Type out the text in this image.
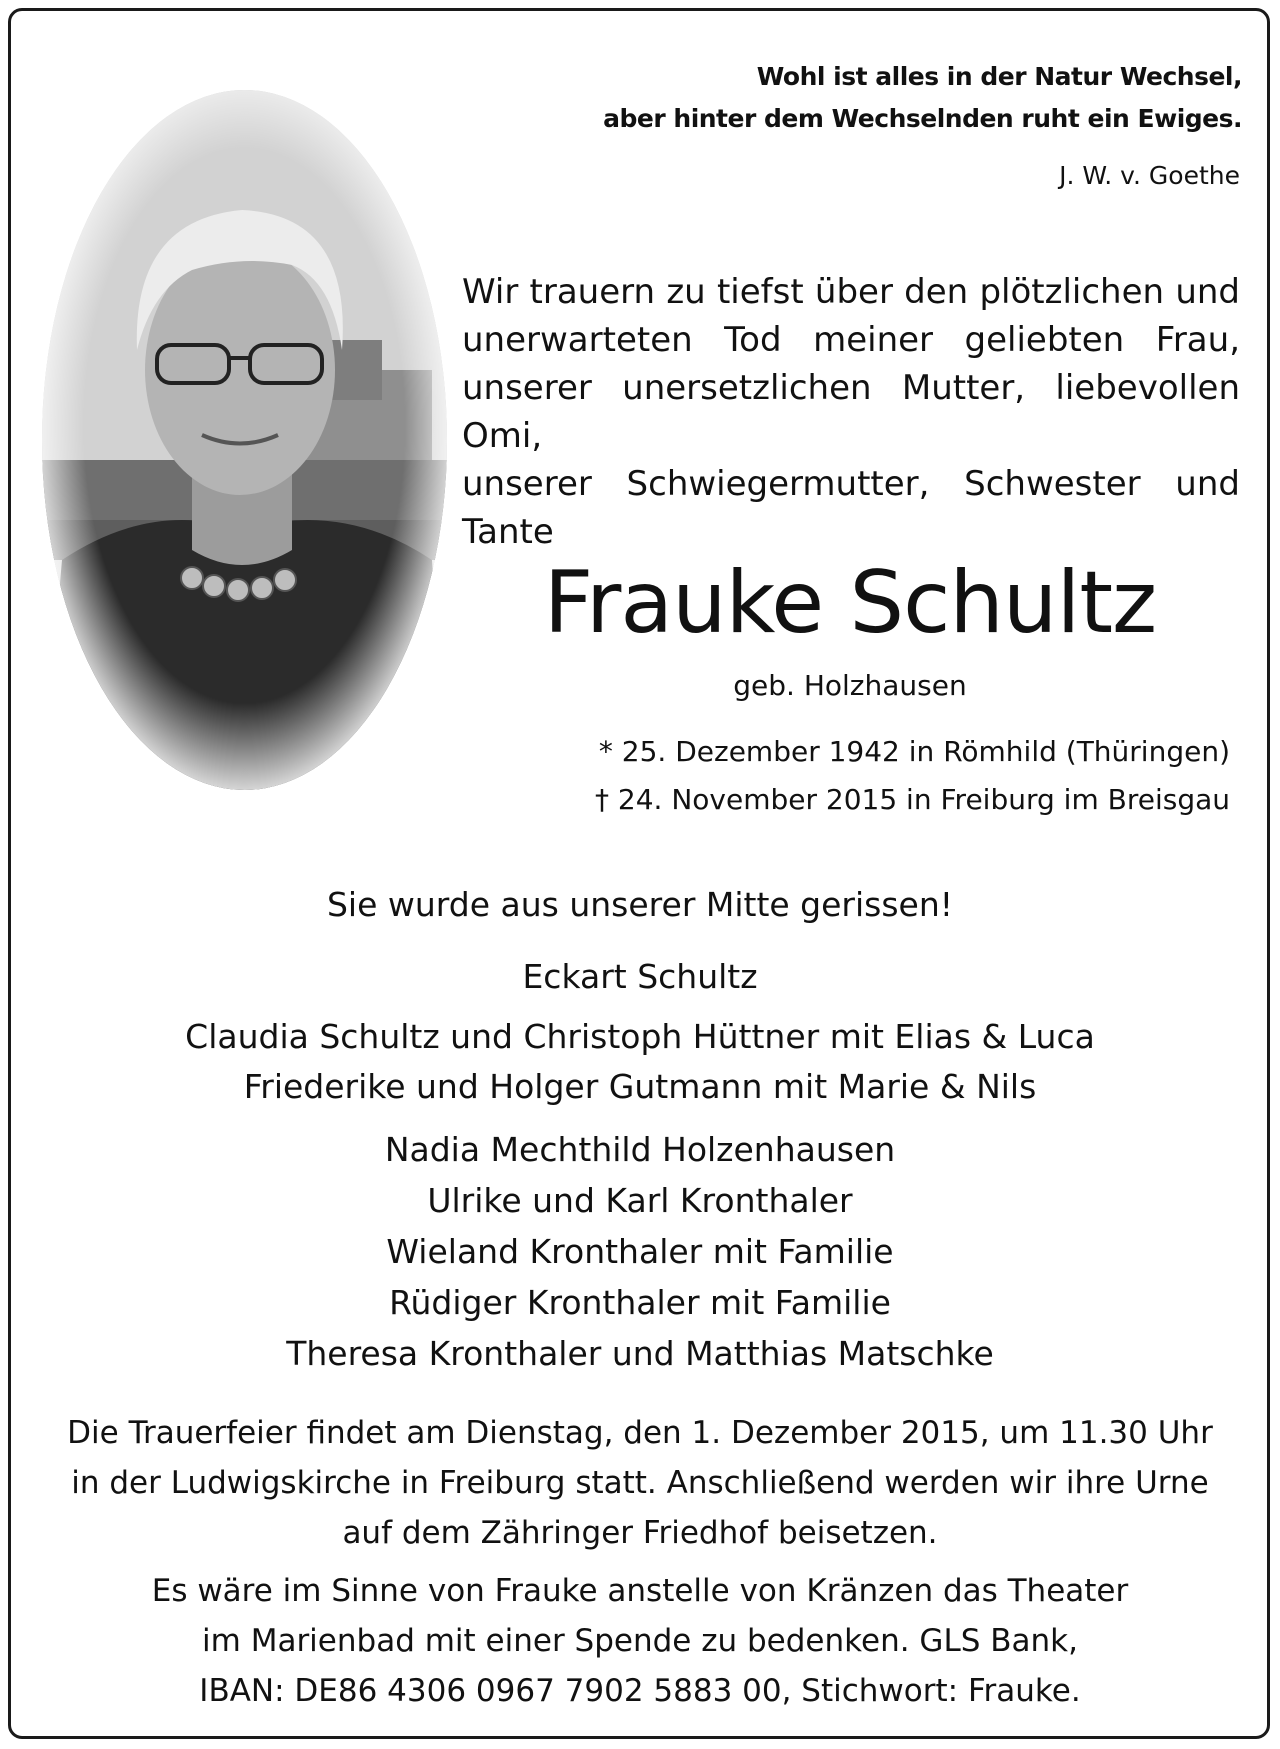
Wohl ist alles in der Natur Wechsel,
aber hinter dem Wechselnden ruht ein Ewiges.
J. W. v. Goethe
Wir trauern zu tiefst über den plötzlichen und
unerwarteten Tod meiner geliebten Frau,
unserer unersetzlichen Mutter, liebevollen Omi,
unserer Schwiegermutter, Schwester und Tante
Frauke Schultz
geb. Holzhausen
* 25. Dezember 1942 in Römhild (Thüringen)
† 24. November 2015 in Freiburg im Breisgau
Sie wurde aus unserer Mitte gerissen!
Eckart Schultz
Claudia Schultz und Christoph Hüttner mit Elias & Luca
Friederike und Holger Gutmann mit Marie & Nils
Nadia Mechthild Holzenhausen
Ulrike und Karl Kronthaler
Wieland Kronthaler mit Familie
Rüdiger Kronthaler mit Familie
Theresa Kronthaler und Matthias Matschke
Die Trauerfeier findet am Dienstag, den 1. Dezember 2015, um 11.30 Uhr
in der Ludwigskirche in Freiburg statt. Anschließend werden wir ihre Urne
auf dem Zähringer Friedhof beisetzen.
Es wäre im Sinne von Frauke anstelle von Kränzen das Theater
im Marienbad mit einer Spende zu bedenken. GLS Bank,
IBAN: DE86 4306 0967 7902 5883 00, Stichwort: Frauke.
